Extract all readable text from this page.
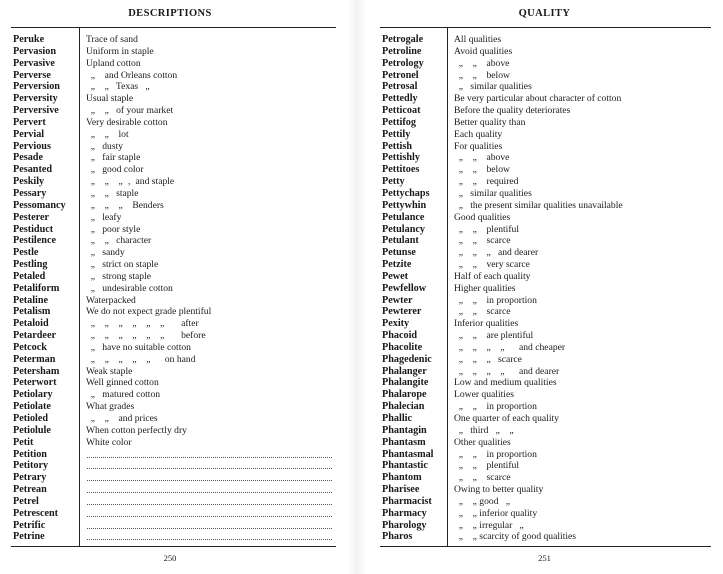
DESCRIPTIONS
Peruke	Trace of sand
Pervasion	Uniform in staple
Pervasive	Upland cotton
Perverse	„    and Orleans cotton
Perversion	„    „   Texas   „
Perversity	Usual staple
Perversive	„    „   of your market
Pervert	Very desirable cotton
Pervial	„    „    lot
Pervious	„   dusty
Pesade	„   fair staple
Pesanted	„   good color
Peskily	„    „    „  ‚  and staple
Pessary	„    „   staple
Pessomancy	„    „    „    Benders
Pesterer	„   leafy
Pestiduct	„   poor style
Pestilence	„    „   character
Pestle	„   sandy
Pestling	„   strict on staple
Petaled	„   strong staple
Petaliform	„   undesirable cotton
Petaline	Waterpacked
Petalism	We do not expect grade plentiful
Petaloid	„    „    „    „    „    „       after
Petardeer	„    „    „    „    „    „       before
Petcock	„   have no suitable cotton
Peterman	„    „    „    „    „      on hand
Petersham	Weak staple
Peterwort	Well ginned cotton
Petiolary	„   matured cotton
Petiolate	What grades
Petioled	„    „    and prices
Petiolule	When cotton perfectly dry
Petit	White color
Petition
Petitory
Petrary
Petrean
Petrel
Petrescent
Petrific
Petrine
250
QUALITY
Petrogale	All qualities
Petroline	Avoid qualities
Petrology	„    „    above
Petronel	„    „    below
Petrosal	„   similar qualities
Pettedly	Be very particular about character of cotton
Petticoat	Before the quality deteriorates
Pettifog	Better quality than
Pettily	Each quality
Pettish	For qualities
Pettishly	„    „    above
Pettitoes	„    „    below
Petty	„    „    required
Pettychaps	„   similar qualities
Pettywhin	„   the present similar qualities unavailable
Petulance	Good qualities
Petulancy	„    „    plentiful
Petulant	„    „    scarce
Petunse	„    „    „   and dearer
Petzite	„    „    very scarce
Pewet	Half of each quality
Pewfellow	Higher qualities
Pewter	„    „    in proportion
Pewterer	„    „    scarce
Pexity	Inferior qualities
Phacoid	„    „    are plentiful
Phacolite	„    „    „    „      and cheaper
Phagedenic	„    „    „   scarce
Phalanger	„    „    „    „      and dearer
Phalangite	Low and medium qualities
Phalarope	Lower qualities
Phalecian	„    „    in proportion
Phallic	One quarter of each quality
Phantagin	„   third   „    „
Phantasm	Other qualities
Phantasmal	„    „    in proportion
Phantastic	„    „    plentiful
Phantom	„    „    scarce
Pharisee	Owing to better quality
Pharmacist	„    „ good   „
Pharmacy	„    „ inferior quality
Pharology	„    „ irregular   „
Pharos	„    „ scarcity of good qualities
251
